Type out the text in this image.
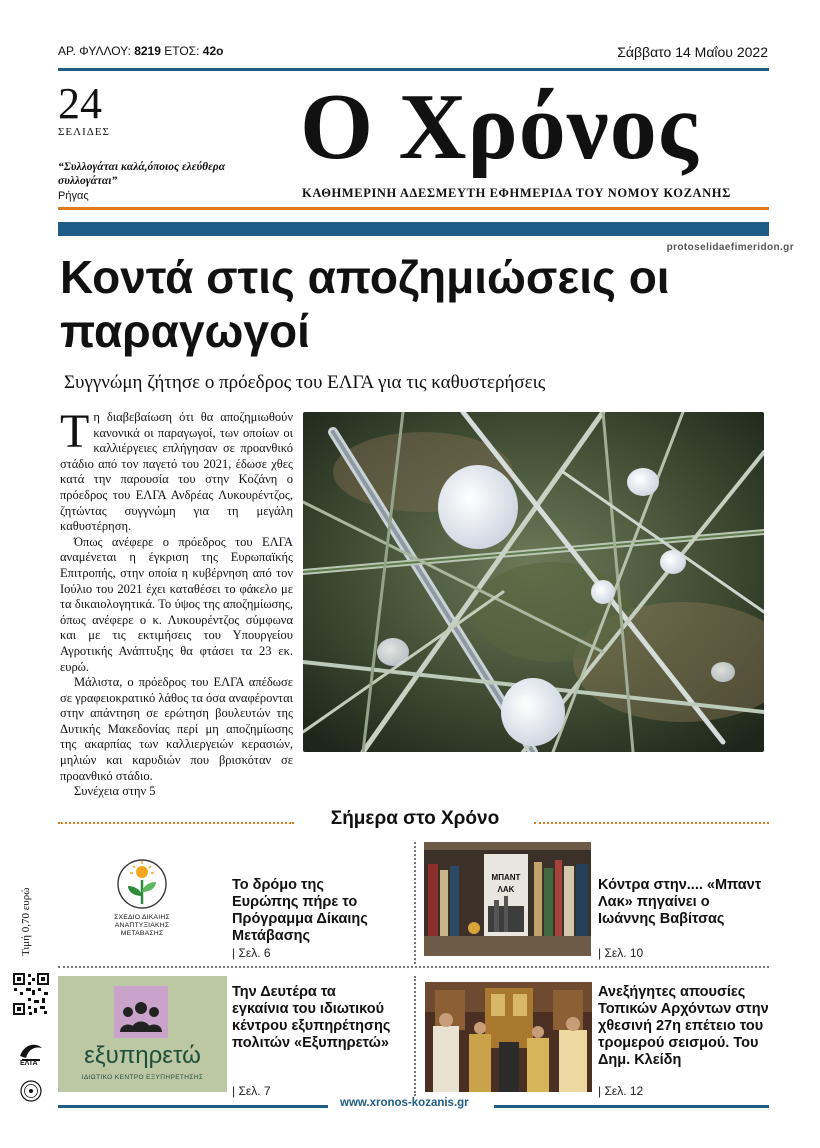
ΑΡ. ΦΥΛΛΟΥ: 8219 ΕΤΟΣ: 42ο	Σάββατο 14 Μαΐου 2022
24
ΣΕΛΙΔΕΣ
“Συλλογάται καλά,όποιος ελεύθερα συλλογάται”
Ρήγας
Ο Χρόνος
ΚΑΘΗΜΕΡΙΝΗ ΑΔΕΣΜΕΥΤΗ ΕΦΗΜΕΡΙΔΑ ΤΟΥ ΝΟΜΟΥ ΚΟΖΑΝΗΣ
protoselidaefimeridon.gr
Κοντά στις αποζημιώσεις οι παραγωγοί
Συγγνώμη ζήτησε ο πρόεδρος του ΕΛΓΑ για τις καθυστερήσεις

Τη διαβεβαίωση ότι θα αποζημιωθούν κανονικά οι παραγωγοί, των οποίων οι καλλιέργειες επλήγησαν σε προανθικό στάδιο από τον παγετό του 2021, έδωσε χθες κατά την παρουσία του στην Κοζάνη ο πρόεδρος του ΕΛΓΑ Ανδρέας Λυκουρέντζος, ζητώντας συγγνώμη για τη μεγάλη καθυστέρηση.

Όπως ανέφερε ο πρόεδρος του ΕΛΓΑ αναμένεται η έγκριση της Ευρωπαϊκής Επιτροπής, στην οποία η κυβέρνηση από τον Ιούλιο του 2021 έχει καταθέσει το φάκελο με τα δικαιολογητικά. Το ύψος της αποζημίωσης, όπως ανέφερε ο κ. Λυκουρέντζος σύμφωνα και με τις εκτιμήσεις του Υπουργείου Αγροτικής Ανάπτυξης θα φτάσει τα 23 εκ. ευρώ.

Μάλιστα, ο πρόεδρος του ΕΛΓΑ απέδωσε σε γραφειοκρατικό λάθος τα όσα αναφέρονται στην απάντηση σε ερώτηση βουλευτών της Δυτικής Μακεδονίας περί μη αποζημίωσης της ακαρπίας των καλλιεργειών κερασιών, μηλιών και καρυδιών που βρισκόταν σε προανθικό στάδιο.

Συνέχεια στην 5

Σήμερα στο Χρόνο
Τιμή 0,70 ευρώ
ΕΛΤΑ
ΣΧΕΔΙΟ ΔΙΚΑΙΗΣ ΑΝΑΠΤΥΞΙΑΚΗΣ ΜΕΤΑΒΑΣΗΣ
Το δρόμο της Ευρώπης πήρε το Πρόγραμμα Δίκαιης Μετάβασης
| Σελ. 6
ΜΠΑΝΤ
ΛΑΚ	Κόντρα στην.... «Μπαντ Λακ» πηγαίνει ο Ιωάννης Βαβίτσας
| Σελ. 10
εξυπηρετώ
ΙΔΙΩΤΙΚΟ ΚΕΝΤΡΟ ΕΞΥΠΗΡΕΤΗΣΗΣ
Την Δευτέρα τα εγκαίνια του ιδιωτικού κέντρου εξυπηρέτησης πολιτών «Εξυπηρετώ»
| Σελ. 7
Ανεξήγητες απουσίες Τοπικών Αρχόντων στην χθεσινή 27η επέτειο του τρομερού σεισμού. Του Δημ. Κλείδη
| Σελ. 12
www.xronos-kozanis.gr
